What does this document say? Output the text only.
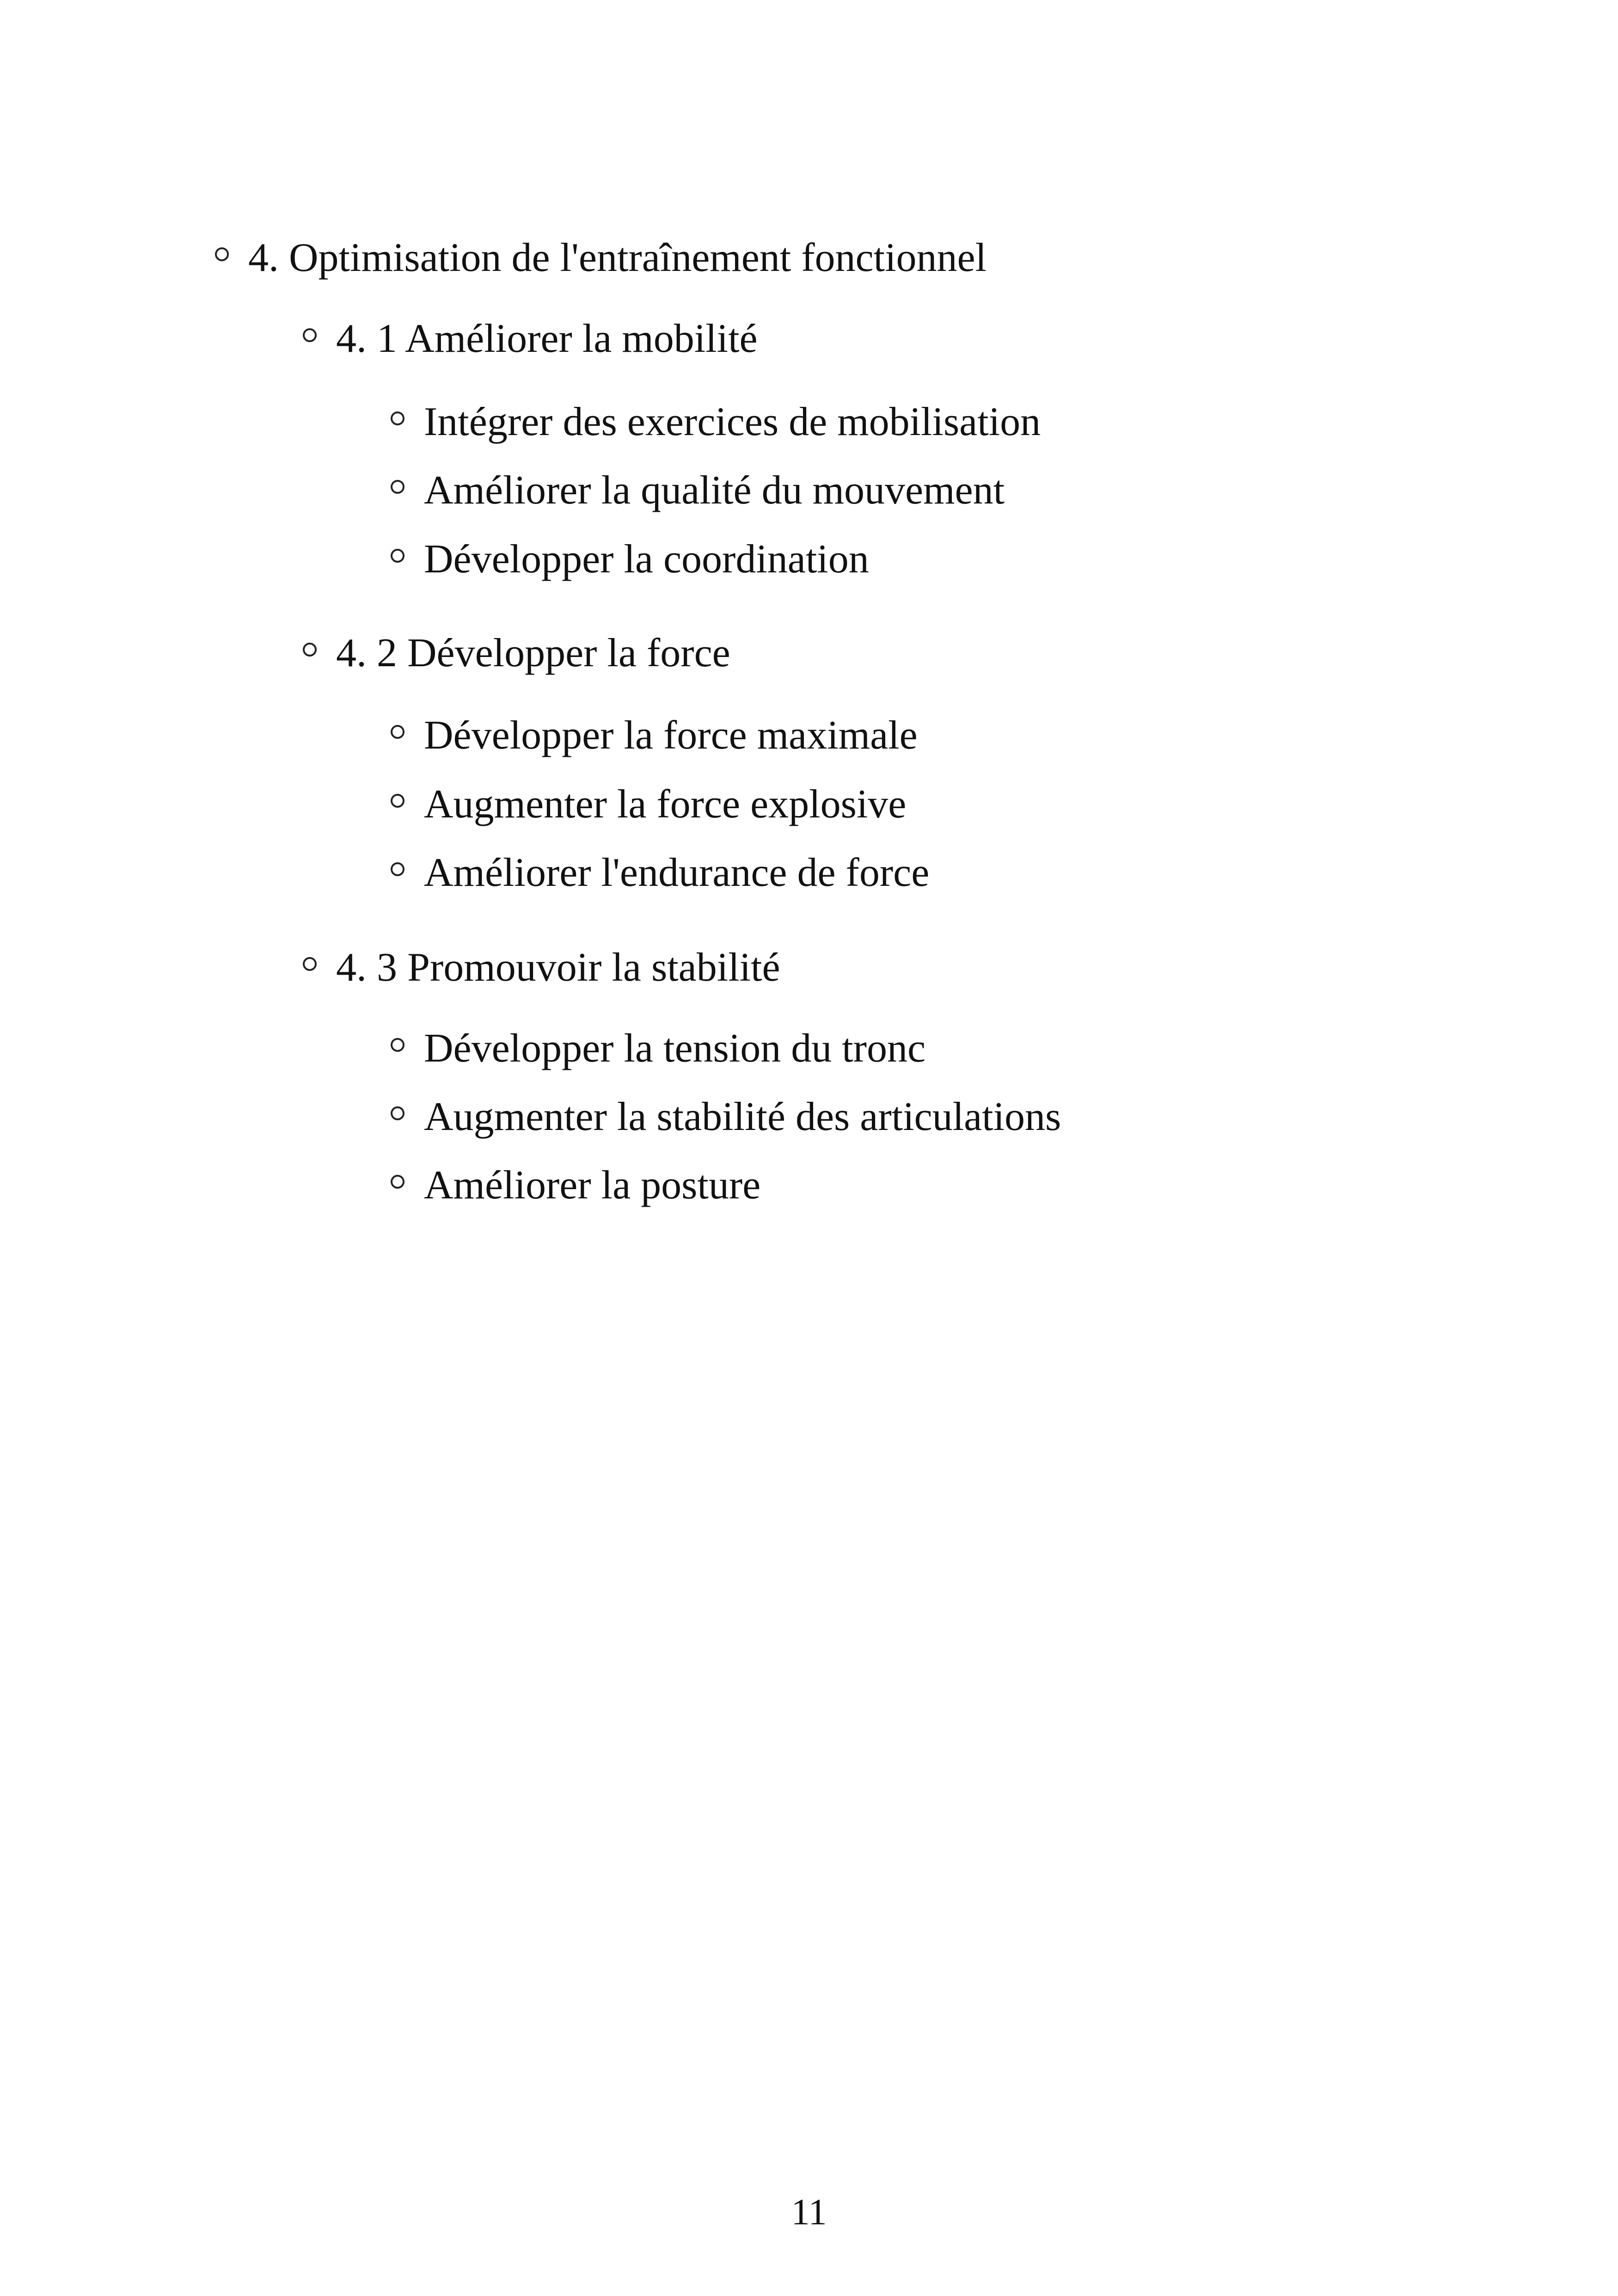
4. Optimisation de l'entraînement fonctionnel
4. 1 Améliorer la mobilité
Intégrer des exercices de mobilisation
Améliorer la qualité du mouvement
Développer la coordination
4. 2 Développer la force
Développer la force maximale
Augmenter la force explosive
Améliorer l'endurance de force
4. 3 Promouvoir la stabilité
Développer la tension du tronc
Augmenter la stabilité des articulations
Améliorer la posture
11
